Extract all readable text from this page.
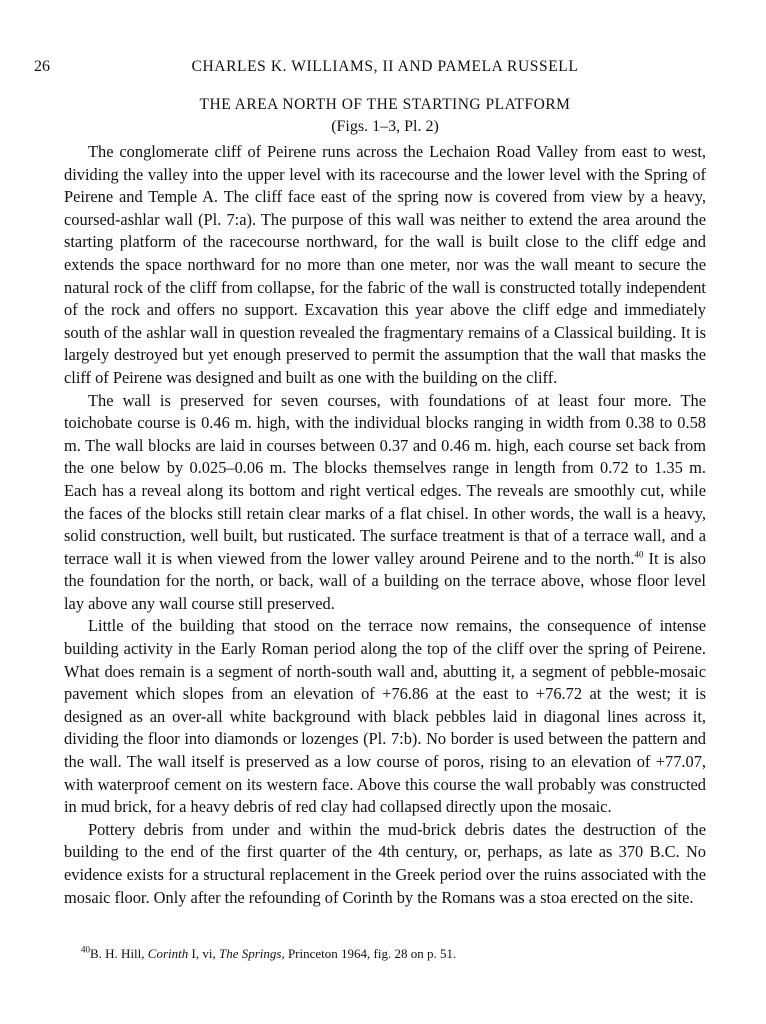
26	CHARLES K. WILLIAMS, II AND PAMELA RUSSELL
THE AREA NORTH OF THE STARTING PLATFORM
(Figs. 1–3, Pl. 2)

The conglomerate cliff of Peirene runs across the Lechaion Road Valley from east to west, dividing the valley into the upper level with its racecourse and the lower level with the Spring of Peirene and Temple A. The cliff face east of the spring now is covered from view by a heavy, coursed-ashlar wall (Pl. 7:a). The purpose of this wall was neither to extend the area around the starting platform of the racecourse northward, for the wall is built close to the cliff edge and extends the space northward for no more than one meter, nor was the wall meant to secure the natural rock of the cliff from collapse, for the fabric of the wall is constructed totally independent of the rock and offers no support. Excavation this year above the cliff edge and immediately south of the ashlar wall in question revealed the fragmentary remains of a Classical building. It is largely destroyed but yet enough preserved to permit the assumption that the wall that masks the cliff of Peirene was designed and built as one with the building on the cliff.

The wall is preserved for seven courses, with foundations of at least four more. The toichobate course is 0.46 m. high, with the individual blocks ranging in width from 0.38 to 0.58 m. The wall blocks are laid in courses between 0.37 and 0.46 m. high, each course set back from the one below by 0.025–0.06 m. The blocks themselves range in length from 0.72 to 1.35 m. Each has a reveal along its bottom and right vertical edges. The reveals are smoothly cut, while the faces of the blocks still retain clear marks of a flat chisel. In other words, the wall is a heavy, solid construction, well built, but rusticated. The surface treatment is that of a terrace wall, and a terrace wall it is when viewed from the lower valley around Peirene and to the north.$^{40}$ It is also the foundation for the north, or back, wall of a building on the terrace above, whose floor level lay above any wall course still preserved.

Little of the building that stood on the terrace now remains, the consequence of intense building activity in the Early Roman period along the top of the cliff over the spring of Peirene. What does remain is a segment of north-south wall and, abutting it, a segment of pebble-mosaic pavement which slopes from an elevation of +76.86 at the east to +76.72 at the west; it is designed as an over-all white background with black pebbles laid in diagonal lines across it, dividing the floor into diamonds or lozenges (Pl. 7:b). No border is used between the pattern and the wall. The wall itself is preserved as a low course of poros, rising to an elevation of +77.07, with waterproof cement on its western face. Above this course the wall probably was constructed in mud brick, for a heavy debris of red clay had collapsed directly upon the mosaic.

Pottery debris from under and within the mud-brick debris dates the destruction of the building to the end of the first quarter of the 4th century, or, perhaps, as late as 370 B.C. No evidence exists for a structural replacement in the Greek period over the ruins associated with the mosaic floor. Only after the refounding of Corinth by the Romans was a stoa erected on the site.

$^{40}$B. H. Hill, Corinth I, vi, The Springs, Princeton 1964, fig. 28 on p. 51.
